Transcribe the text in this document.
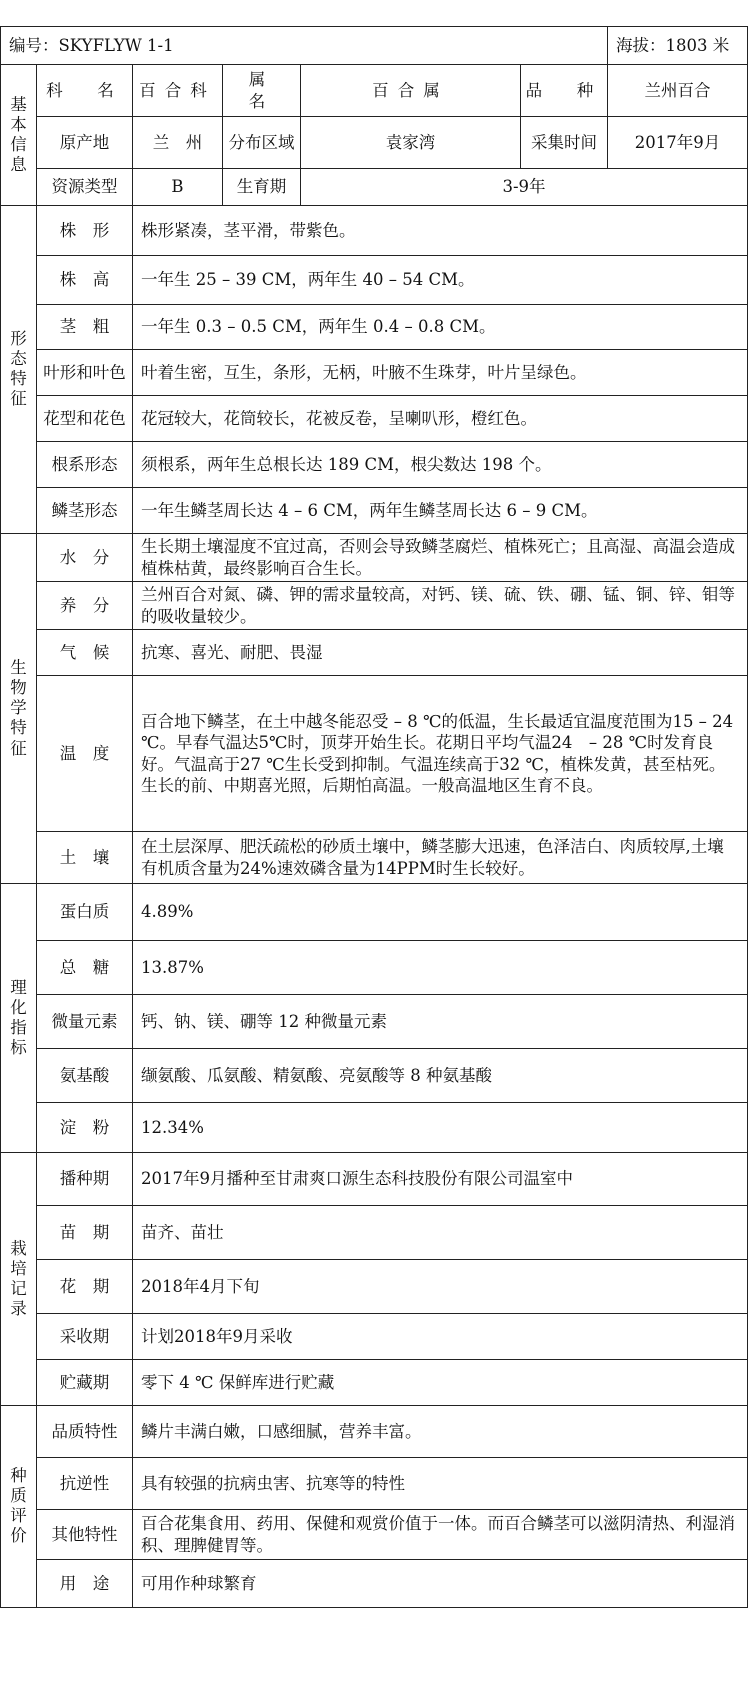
编号：SKYFLYW 1-1						海拔：1803 米
基本信息	科　名	百合科	属　名	百合属	品　种	兰州百合
	原产地	兰　州	分布区域	袁家湾	采集时间	2017年9月
	资源类型	B	生育期	3-9年		
形态特征	株　形	株形紧凑，茎平滑，带紫色。				
	株　高	一年生 25 – 39 CM，两年生 40 – 54 CM。				
	茎　粗	一年生 0.3 – 0.5 CM，两年生 0.4 – 0.8 CM。				
	叶形和叶色	叶着生密，互生，条形，无柄，叶腋不生珠芽，叶片呈绿色。				
	花型和花色	花冠较大，花筒较长，花被反卷，呈喇叭形，橙红色。				
	根系形态	须根系，两年生总根长达 189 CM，根尖数达 198 个。				
	鳞茎形态	一年生鳞茎周长达 4 – 6 CM，两年生鳞茎周长达 6 – 9 CM。				
生物学特征	水　分	生长期土壤湿度不宜过高，否则会导致鳞茎腐烂、植株死亡；且高湿、高温会造成植株枯黄，最终影响百合生长。				
	养　分	兰州百合对氮、磷、钾的需求量较高，对钙、镁、硫、铁、硼、锰、铜、锌、钼等的吸收量较少。				
	气　候	抗寒、喜光、耐肥、畏湿				
	温　度	百合地下鳞茎，在土中越冬能忍受 – 8 ℃的低温，生长最适宜温度范围为15 – 24 ℃。早春气温达5℃时，顶芽开始生长。花期日平均气温24　– 28 ℃时发育良好。气温高于27 ℃生长受到抑制。气温连续高于32 ℃，植株发黄，甚至枯死。生长的前、中期喜光照，后期怕高温。一般高温地区生育不良。				
	土　壤	在土层深厚、肥沃疏松的砂质土壤中，鳞茎膨大迅速，色泽洁白、肉质较厚,土壤有机质含量为24%速效磷含量为14PPM时生长较好。				
理化指标	蛋白质	4.89%				
	总　糖	13.87%				
	微量元素	钙、钠、镁、硼等 12 种微量元素				
	氨基酸	缬氨酸、瓜氨酸、精氨酸、亮氨酸等 8 种氨基酸				
	淀　粉	12.34%				
栽培记录	播种期	2017年9月播种至甘肃爽口源生态科技股份有限公司温室中				
	苗　期	苗齐、苗壮				
	花　期	2018年4月下旬				
	采收期	计划2018年9月采收				
	贮藏期	零下 4 ℃ 保鲜库进行贮藏				
种质评价	品质特性	鳞片丰满白嫩，口感细腻，营养丰富。				
	抗逆性	具有较强的抗病虫害、抗寒等的特性				
	其他特性	百合花集食用、药用、保健和观赏价值于一体。而百合鳞茎可以滋阴清热、利湿消积、理脾健胃等。				
	用　途	可用作种球繁育				
